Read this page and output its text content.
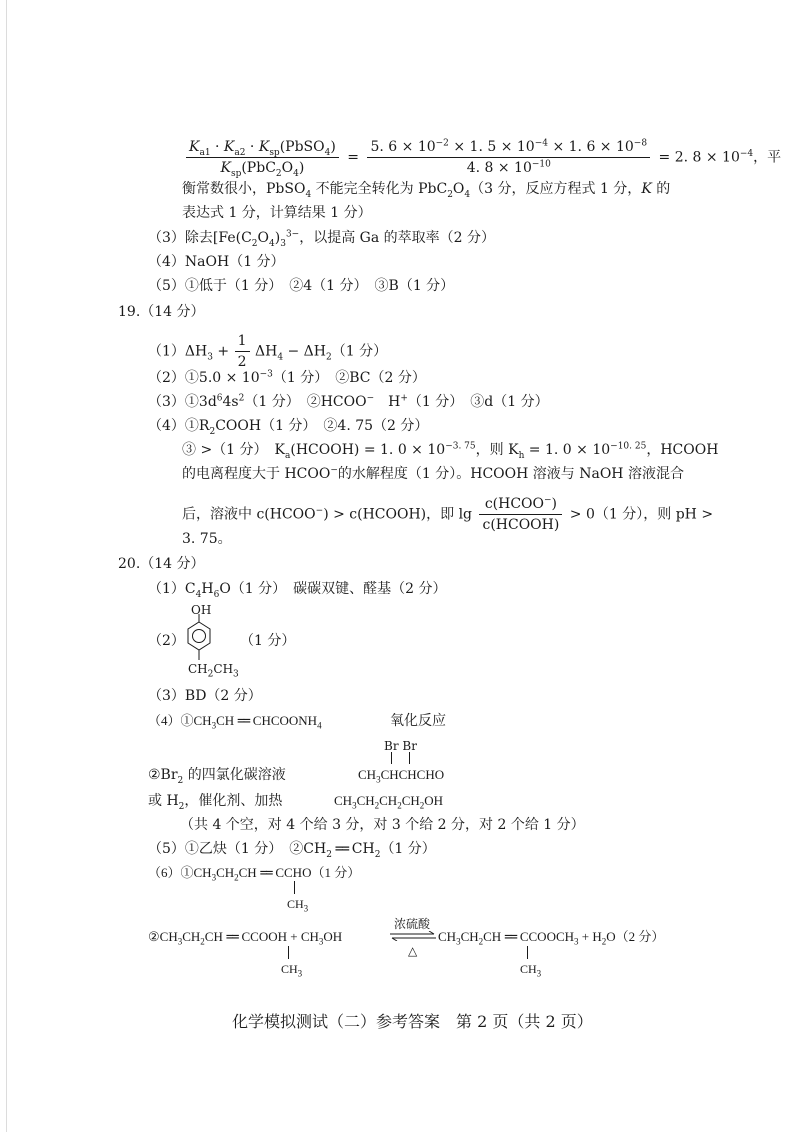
$\frac{K_{a1} \cdot K_{a2} \cdot K_{sp}(PbSO_4)}{K_{sp}(PbC_2O_4)} = \frac{5. 6 \times 10^{-2} \times 1. 5 \times 10^{-4} \times 1. 6 \times 10^{-8}}{4. 8 \times 10^{-10}} = 2$. $8 \times 10^{-4}$，平
衡常数很小，PbSO$_4$ 不能完全转化为 $PbC_2O_4(3$ 分，反应方程式 1 分，K 的
表达式 1 分，计算结果 1 分）
（3）除去[$Fe(C_2O_4)_3^{3-}$，以提高 Ga 的萃取率（2 分）
（4）NaOH（1 分）
（5）①低于（1 分）　②4（1 分）　③B（1 分）
19.（14 分）
$(1)\Delta H_3 + \frac{1}{2} \Delta H_4 - \Delta H_2(1$ 分）
（2）①5.0 × $10^{-3}(1$ 分）　②BC（2 分）
$(3)①3d^64s^2(1$ 分）　②HCOO−　H+（1 分）　③d（1 分）
$(4)①R_2COOH(1$ 分）　②4. 75（2 分）
③ >（1 分）　$K_a(HCOOH) = 1$. $0 \times 10^{-3. 75}$，则 $K_h = 1$. $0 \times 10^{-10. 25}$，HCOOH
的电离程度大于 HCOO−的水解程度（1 分）。HCOOH 溶液与 NaOH 溶液混合
后，溶液中 c(HCOO−) > c(HCOOH)，即 $\lg \frac{c(HCOO^-)}{\text{c(HCOOH)}} > 0(1$ 分），则 pH >
3. 75。
20.（14 分）
$(1)C_4H_6O(1$ 分）　碳碳双键、醛基（2 分）
（2）
OH
$CH_2CH_3$
（1 分）
（3）BD（2 分）
$(4)①CH_3CH$ == $CHCOONH_4$	氧化反应
Br Br
$②Br_2$ 的四氯化碳溶液	$CH_3CHCHCHO$
或 $H_2$，催化剂、加热	$CH_3CH_2CH_2CH_2OH$
（共 4 个空，对 4 个给 3 分，对 3 个给 2 分，对 2 个给 1 分）
（5）①乙炔（1 分）　$②CH_2 == CH_2(1$ 分）
$(6)①CH_3CH_2CH$ == CCHO（1 分）
$CH_3$
$②CH_3CH_2CH$ == CCOOH + $CH_3OH$
浓硫酸
△
$CH_3CH_2CH$ == $CCOOCH_3 + H_2O(2$ 分）
$CH_3$	$CH_3$
化学模拟测试（二）参考答案　第 2 页（共 2 页）
